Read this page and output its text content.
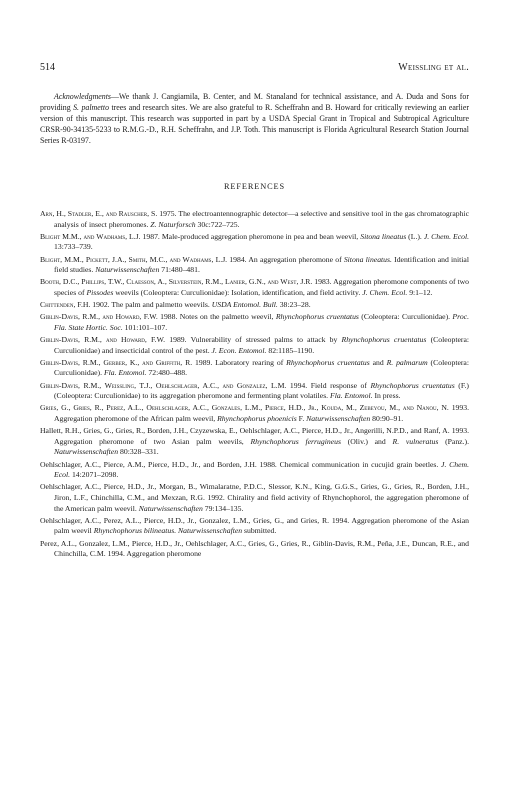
514	Weissling et al.

Acknowledgments—We thank J. Cangiamila, B. Center, and M. Stanaland for technical assistance, and A. Duda and Sons for providing S. palmetto trees and research sites. We are also grateful to R. Scheffrahn and B. Howard for critically reviewing an earlier version of this manuscript. This research was supported in part by a USDA Special Grant in Tropical and Subtropical Agriculture CRSR-90-34135-5233 to R.M.G.-D., R.H. Scheffrahn, and J.P. Toth. This manuscript is Florida Agricultural Research Station Journal Series R-03197.

REFERENCES

Arn, H., Stadler, E., and Rauscher, S. 1975. The electroantennographic detector—a selective and sensitive tool in the gas chromatographic analysis of insect pheromones. Z. Naturforsch 30c:722–725.

Blight M.M., and Wadhams, L.J. 1987. Male-produced aggregation pheromone in pea and bean weevil, Sitona lineatus (L.). J. Chem. Ecol. 13:733–739.

Blight, M.M., Pickett, J.A., Smith, M.C., and Wadhams, L.J. 1984. An aggregation pheromone of Sitona lineatus. Identification and initial field studies. Naturwissenschaften 71:480–481.

Booth, D.C., Phillips, T.W., Claesson, A., Silverstein, R.M., Lanier, G.N., and West, J.R. 1983. Aggregation pheromone components of two species of Pissodes weevils (Coleoptera: Curculionidae): Isolation, identification, and field activity. J. Chem. Ecol. 9:1–12.

Chittenden, F.H. 1902. The palm and palmetto weevils. USDA Entomol. Bull. 38:23–28.

Giblin-Davis, R.M., and Howard, F.W. 1988. Notes on the palmetto weevil, Rhynchophorus cruentatus (Coleoptera: Curculionidae). Proc. Fla. State Hortic. Soc. 101:101–107.

Giblin-Davis, R.M., and Howard, F.W. 1989. Vulnerability of stressed palms to attack by Rhynchophorus cruentatus (Coleoptera: Curculionidae) and insecticidal control of the pest. J. Econ. Entomol. 82:1185–1190.

Giblin-Davis, R.M., Gerber, K., and Griffith, R. 1989. Laboratory rearing of Rhynchophorus cruentatus and R. palmarum (Coleoptera: Curculionidae). Fla. Entomol. 72:480–488.

Giblin-Davis, R.M., Weissling, T.J., Oehlschlager, A.C., and Gonzalez, L.M. 1994. Field response of Rhynchophorus cruentatus (F.) (Coleoptera: Curculionidae) to its aggregation pheromone and fermenting plant volatiles. Fla. Entomol. In press.

Gries, G., Gries, R., Perez, A.L., Oehlschlager, A.C., Gonzales, L.M., Pierce, H.D., Jr., Kouda, M., Zebeyou, M., and Nanou, N. 1993. Aggregation pheromone of the African palm weevil, Rhynchophorus phoenicis F. Naturwissenschaften 80:90–91.

Hallett, R.H., Gries, G., Gries, R., Borden, J.H., Czyzewska, E., Oehlschlager, A.C., Pierce, H.D., Jr., Angerilli, N.P.D., and Ranf, A. 1993. Aggregation pheromone of two Asian palm weevils, Rhynchophorus ferrugineus (Oliv.) and R. vulneratus (Panz.). Naturwissenschaften 80:328–331.

Oehlschlager, A.C., Pierce, A.M., Pierce, H.D., Jr., and Borden, J.H. 1988. Chemical communication in cucujid grain beetles. J. Chem. Ecol. 14:2071–2098.

Oehlschlager, A.C., Pierce, H.D., Jr., Morgan, B., Wimalaratne, P.D.C., Slessor, K.N., King, G.G.S., Gries, G., Gries, R., Borden, J.H., Jiron, L.F., Chinchilla, C.M., and Mexzan, R.G. 1992. Chirality and field activity of Rhynchophorol, the aggregation pheromone of the American palm weevil. Naturwissenschaften 79:134–135.

Oehlschlager, A.C., Perez, A.L., Pierce, H.D., Jr., Gonzalez, L.M., Gries, G., and Gries, R. 1994. Aggregation pheromone of the Asian palm weevil Rhynchophorus bilineatus. Naturwissenschaften submitted.

Perez, A.L., Gonzalez, L.M., Pierce, H.D., Jr., Oehlschlager, A.C., Gries, G., Gries, R., Giblin-Davis, R.M., Peña, J.E., Duncan, R.E., and Chinchilla, C.M. 1994. Aggregation pheromone
